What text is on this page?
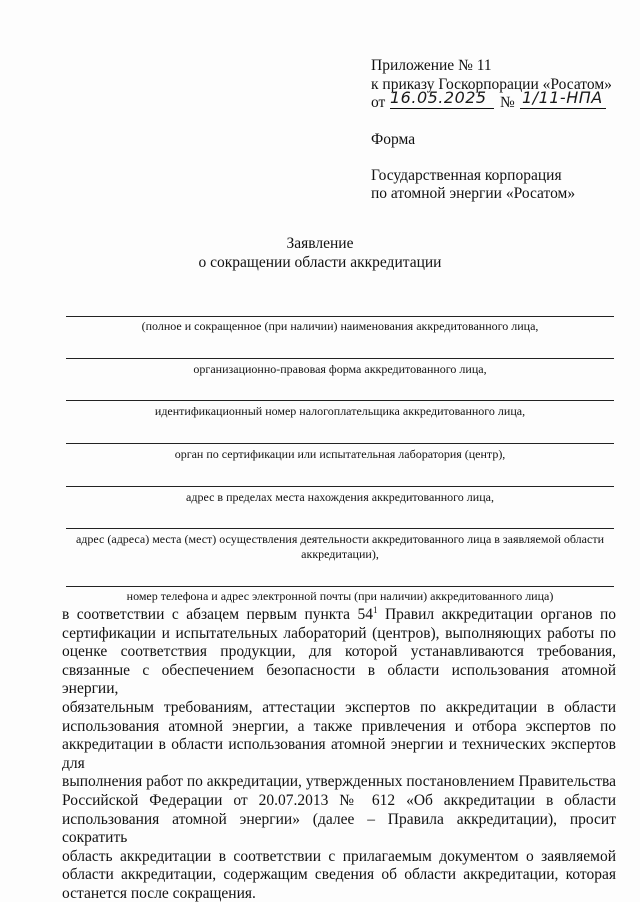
Приложение № 11
к приказу Госкорпорации «Росатом»
от 16.05.2025 № 1/11-НПА
Форма
Государственная корпорация
по атомной энергии «Росатом»
Заявление
о сокращении области аккредитации
(полное и сокращенное (при наличии) наименования аккредитованного лица,
организационно-правовая форма аккредитованного лица,
идентификационный номер налогоплательщика аккредитованного лица,
орган по сертификации или испытательная лаборатория (центр),
адрес в пределах места нахождения аккредитованного лица,
адрес (адреса) места (мест) осуществления деятельности аккредитованного лица в заявляемой области аккредитации),
номер телефона и адрес электронной почты (при наличии) аккредитованного лица)
в соответствии с абзацем первым пункта $54^1$ Правил аккредитации органов по
сертификации и испытательных лабораторий (центров), выполняющих работы по
оценке соответствия продукции, для которой устанавливаются требования,
связанные с обеспечением безопасности в области использования атомной энергии,
обязательным требованиям, аттестации экспертов по аккредитации в области
использования атомной энергии, а также привлечения и отбора экспертов по
аккредитации в области использования атомной энергии и технических экспертов для
выполнения работ по аккредитации, утвержденных постановлением Правительства
Российской Федерации от 20.07.2013 № 612 «Об аккредитации в области
использования атомной энергии» (далее – Правила аккредитации), просит сократить
область аккредитации в соответствии с прилагаемым документом о заявляемой
области аккредитации, содержащим сведения об области аккредитации, которая
останется после сокращения.
